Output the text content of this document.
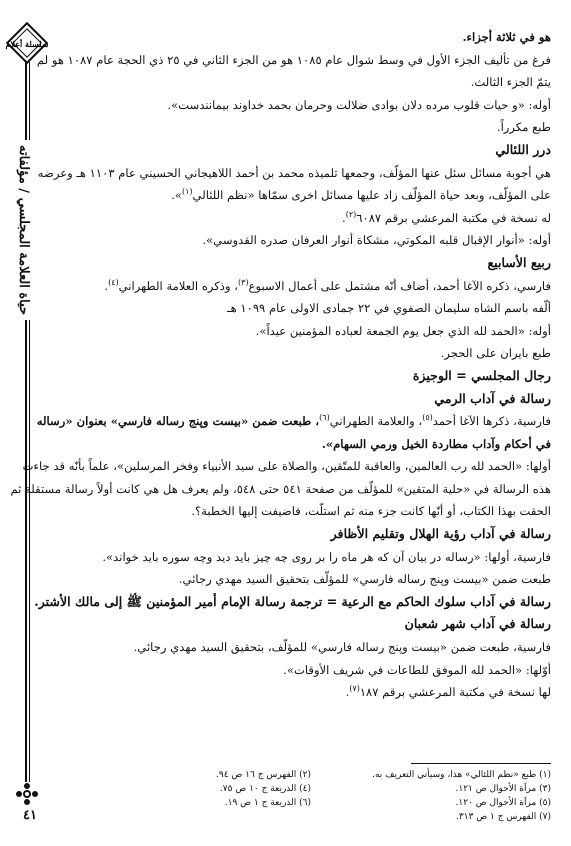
سلسلة أعلام
حياة العلامة المجلسي / مؤلفاته
٤١
هو في ثلاثة أجزاء.
فرغ من تأليف الجزء الأول في وسط شوال عام ١٠٨٥ هو من الجزء الثاني في ٢٥ ذي الحجة عام ١٠٨٧ هو لم
يتمّ الجزء الثالث.
أوله: «و حيات قلوب مرده دلان بوادى ضلالت وحرمان بحمد خداوند بيمانندست».
طبع مكرراً.
درر اللئالي
هي أجوبة مسائل سئل عنها المؤلّف، وجمعها تلميذه محمد بن أحمد اللاهيجاني الحسيني عام ١١٠٣ هـ وعرضه
على المؤلّف، وبعد حياة المؤلّف زاد عليها مسائل اخرى سمّاها «نظم اللئالي$^{(١)}$».
له نسخة في مكتبة المرعشي برقم ٦٠٨٧$^{(٢)}$.
أوله: «أنوار الإقبال قلبه المكوتي، مشكاة أنوار العرفان صدره القدوسي».
ربيع الأسابيع
فارسي، ذكره الآغا أحمد، أضاف أنّه مشتمل على أعمال الاسبوع$^{(٣)}$، وذكره العلامة الطهراني$^{(٤)}$.
ألّفه باسم الشاه سليمان الصفوي في ٢٢ جمادى الاولى عام ١٠٩٩ هـ
أوله: «الحمد لله الذي جعل يوم الجمعة لعباده المؤمنين عيداً».
طبع بايران على الحجر.
رجال المجلسي = الوجيزة
رسالة في آداب الرمي
فارسية، ذكرها الآغا أحمد$^{(٥)}$، والعلامة الطهراني$^{(٦)}$، طبعت ضمن «بيست وپنج رساله فارسي» بعنوان «رساله
في أحكام وآداب مطاردة الخيل ورمي السهام».
أولها: «الحمد لله رب العالمين، والعاقبة للمتّقين، والصلاة على سيد الأنبياء وفخر المرسلين»، علماً بأنّه قد جاءت
هذه الرسالة في «حلية المتقين» للمؤلّف من صفحة ٥٤١ حتى ٥٤٨، ولم يعرف هل هي كانت أولاً رسالة مستقلة ثم
الحقت بهذا الكتاب، أو أنّها كانت جزء منه ثم استلّت، فاضيفت إليها الخطبة؟.
رسالة في آداب رؤية الهلال وتقليم الأظافر
فارسية، أولها: «رساله در بيان آن كه هر ماه را بر روى چه چيز بايد ديد وچه سوره بايد خواند».
طبعت ضمن «بيست وپنج رساله فارسي» للمؤلّف بتحقيق السيد مهدي رجائي.
رسالة في آداب سلوك الحاكم مع الرعية = ترجمة رسالة الإمام أمير المؤمنين ﷺ إلى مالك الأشتر.
رسالة في آداب شهر شعبان
فارسية، طبعت ضمن «بيست وپنج رساله فارسي» للمؤلّف، بتحقيق السيد مهدي رجائي.
أوّلها: «الحمد لله الموفق للطاعات في شريف الأوقات».
لها نسخة في مكتبة المرعشي برقم ١٨٧$^{(٧)}$.
(١) طبع «نظم اللئالي» هذا، وسيأتي التعريف به.
(٣) مرآة الأحوال ص ١٢١.
(٥) مرآة الأحوال ص ١٢٠.
(٧) الفهرس ج ١ ص ٣١٣.
(٢) الفهرس ج ١٦ ص ٩٤.
(٤) الذريعة ج ١٠ ص ٧٥.
(٦) الذريعة ج ١ ص ١٩.
